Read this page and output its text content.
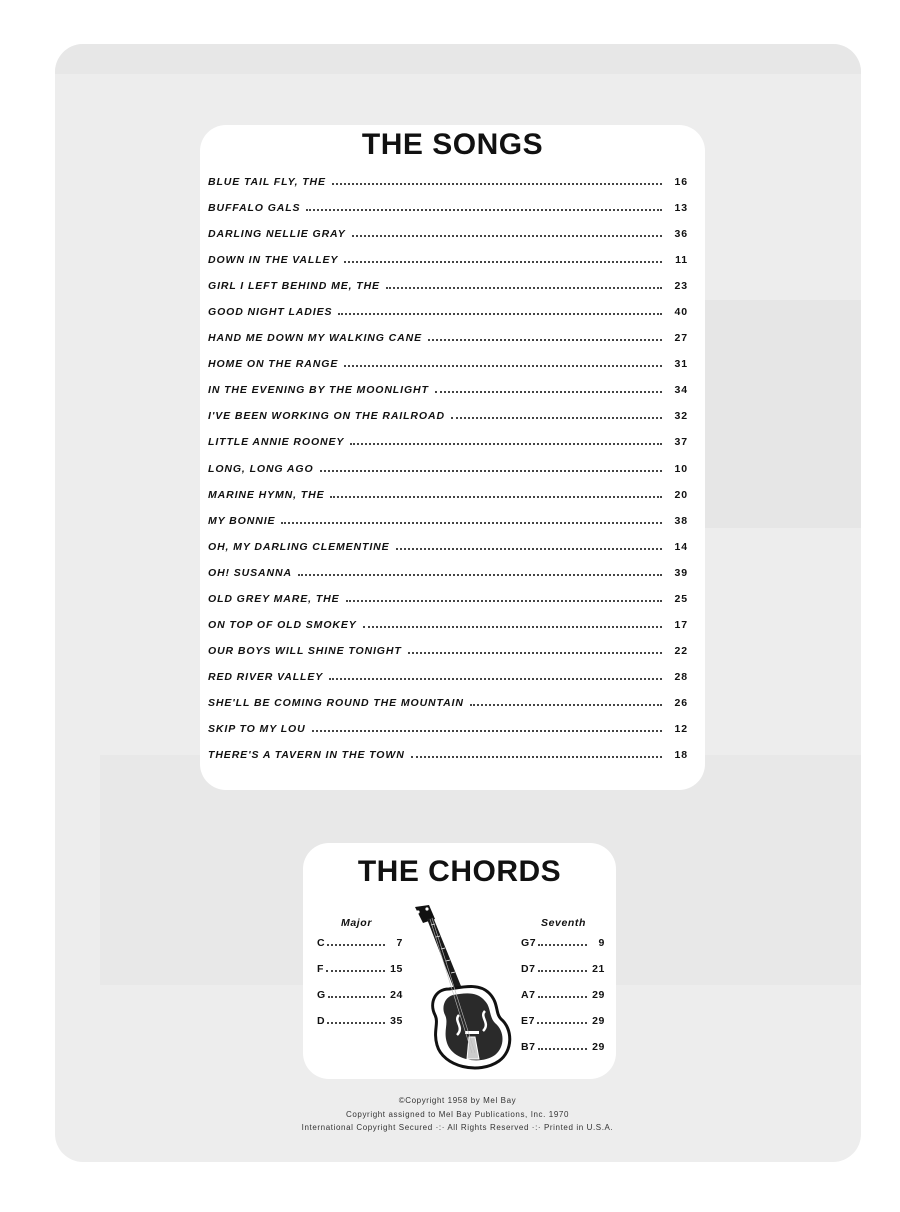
THE SONGS
BLUE TAIL FLY, THE	16
BUFFALO GALS	13
DARLING NELLIE GRAY	36
DOWN IN THE VALLEY	11
GIRL I LEFT BEHIND ME, THE	23
GOOD NIGHT LADIES	40
HAND ME DOWN MY WALKING CANE	27
HOME ON THE RANGE	31
IN THE EVENING BY THE MOONLIGHT	34
I'VE BEEN WORKING ON THE RAILROAD	32
LITTLE ANNIE ROONEY	37
LONG, LONG AGO	10
MARINE HYMN, THE	20
MY BONNIE	38
OH, MY DARLING CLEMENTINE	14
OH! SUSANNA	39
OLD GREY MARE, THE	25
ON TOP OF OLD SMOKEY	17
OUR BOYS WILL SHINE TONIGHT	22
RED RIVER VALLEY	28
SHE'LL BE COMING ROUND THE MOUNTAIN	26
SKIP TO MY LOU	12
THERE'S A TAVERN IN THE TOWN	18
THE CHORDS
Major
C	7
F	15
G	24
D	35
Seventh
G7	9
D7	21
A7	29
E7	29
B7	29

©Copyright 1958 by Mel Bay

Copyright assigned to Mel Bay Publications, Inc. 1970

International Copyright Secured ·:· All Rights Reserved ·:· Printed in U.S.A.
